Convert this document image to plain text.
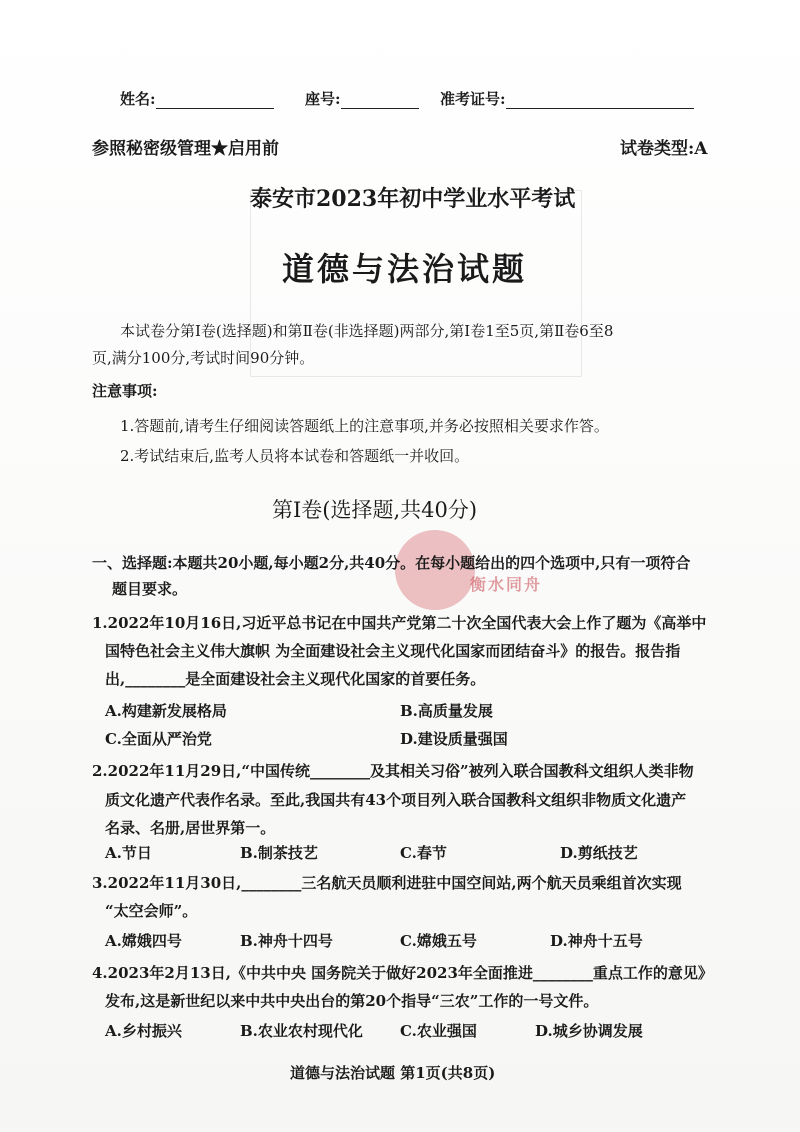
衡水同舟
姓名:	座号:	准考证号:
参照秘密级管理★启用前	试卷类型:A
泰安市2023年初中学业水平考试
道德与法治试题
本试卷分第Ⅰ卷(选择题)和第Ⅱ卷(非选择题)两部分,第Ⅰ卷1至5页,第Ⅱ卷6至8
页,满分100分,考试时间90分钟。
注意事项:
1.答题前,请考生仔细阅读答题纸上的注意事项,并务必按照相关要求作答。
2.考试结束后,监考人员将本试卷和答题纸一并收回。
第Ⅰ卷(选择题,共40分)
一、选择题:本题共20小题,每小题2分,共40分。在每小题给出的四个选项中,只有一项符合
题目要求。
1.2022年10月16日,习近平总书记在中国共产党第二十次全国代表大会上作了题为《高举中
国特色社会主义伟大旗帜 为全面建设社会主义现代化国家而团结奋斗》的报告。报告指
出,________是全面建设社会主义现代化国家的首要任务。
A.构建新发展格局	B.高质量发展
C.全面从严治党	D.建设质量强国
2.2022年11月29日,“中国传统________及其相关习俗”被列入联合国教科文组织人类非物
质文化遗产代表作名录。至此,我国共有43个项目列入联合国教科文组织非物质文化遗产
名录、名册,居世界第一。
A.节日	B.制茶技艺	C.春节	D.剪纸技艺
3.2022年11月30日,________三名航天员顺利进驻中国空间站,两个航天员乘组首次实现
“太空会师”。
A.嫦娥四号	B.神舟十四号	C.嫦娥五号	D.神舟十五号
4.2023年2月13日,《中共中央 国务院关于做好2023年全面推进________重点工作的意见》
发布,这是新世纪以来中共中央出台的第20个指导“三农”工作的一号文件。
A.乡村振兴	B.农业农村现代化 C.农业强国	D.城乡协调发展
道德与法治试题 第1页(共8页)
